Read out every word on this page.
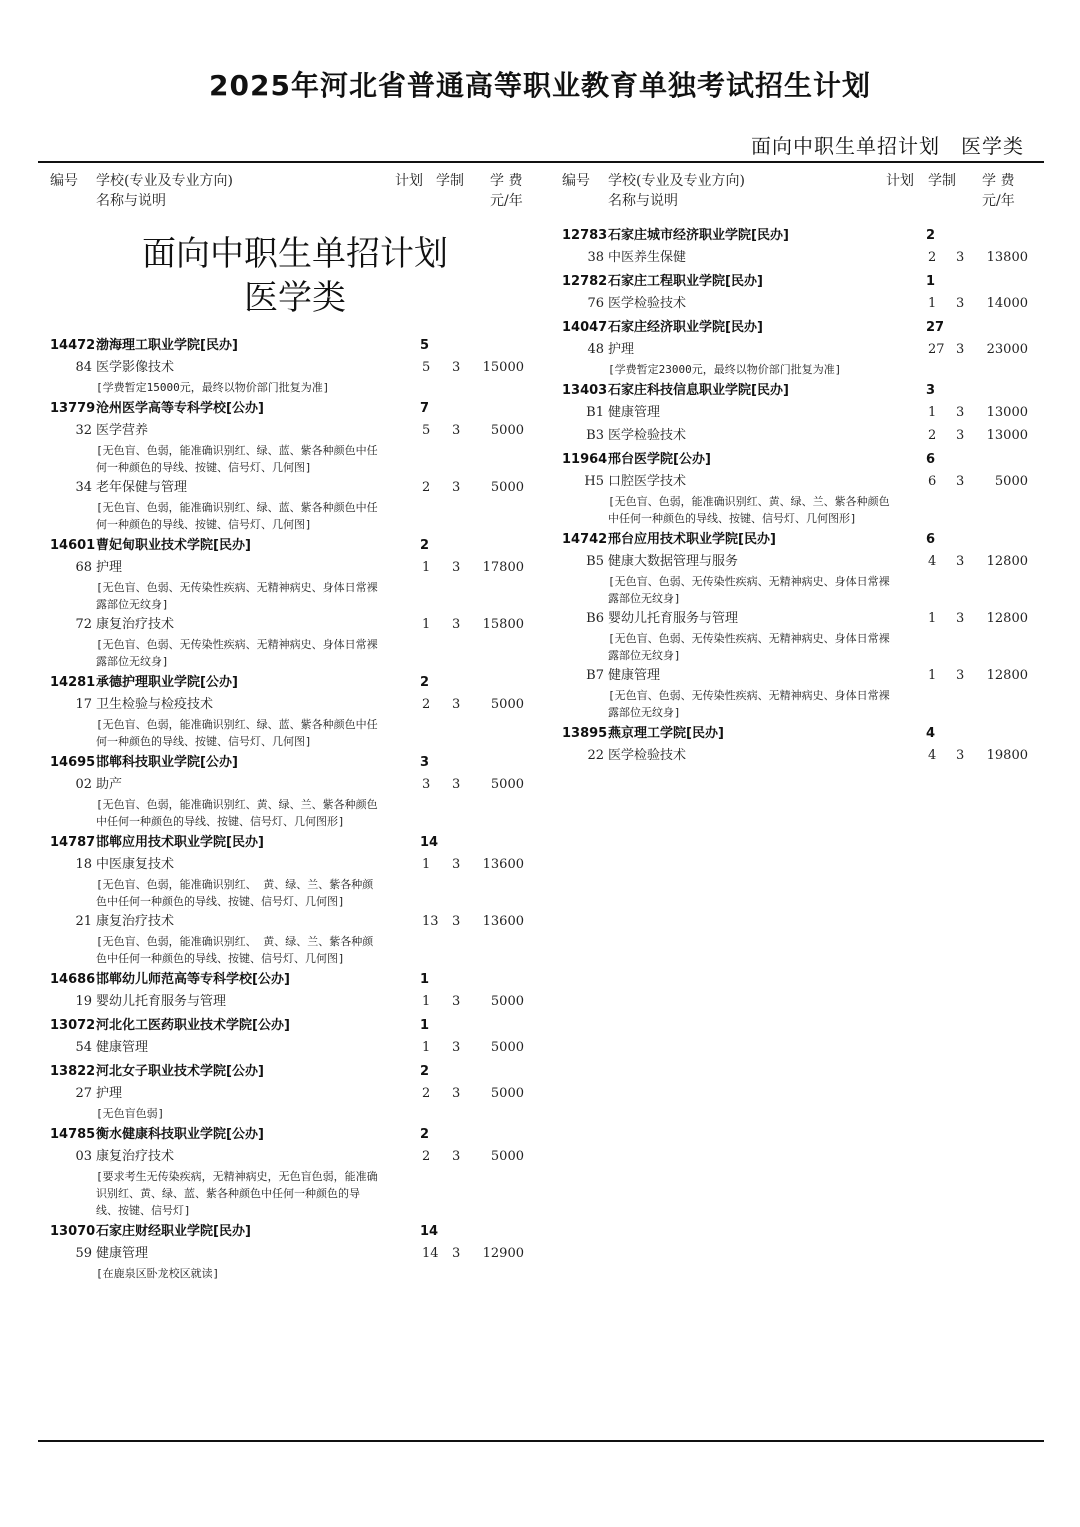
2025年河北省普通高等职业教育单独考试招生计划
面向中职生单招计划　医学类
编号 学校(专业及专业方向)
名称与说明
计划 学制 学 费
元/年
面向中职生单招计划
医学类
14472 渤海理工职业学院[民办]	5
84 医学影像技术	5 3 15000
[学费暂定15000元，最终以物价部门批复为准]
13779 沧州医学高等专科学校[公办]	7
32 医学营养	5 3	5000
[无色盲、色弱，能准确识别红、绿、蓝、紫各种颜色中任何一种颜色的导线、按键、信号灯、几何图]
34 老年保健与管理	2 3	5000
[无色盲、色弱，能准确识别红、绿、蓝、紫各种颜色中任何一种颜色的导线、按键、信号灯、几何图]
14601 曹妃甸职业技术学院[民办]	2
68 护理	1 3 17800
[无色盲、色弱、无传染性疾病、无精神病史、身体日常裸露部位无纹身]
72 康复治疗技术	1 3 15800
[无色盲、色弱、无传染性疾病、无精神病史、身体日常裸露部位无纹身]
14281 承德护理职业学院[公办]	2
17 卫生检验与检疫技术	2 3	5000
[无色盲、色弱，能准确识别红、绿、蓝、紫各种颜色中任何一种颜色的导线、按键、信号灯、几何图]
14695 邯郸科技职业学院[公办]	3
02 助产	3 3	5000
[无色盲、色弱，能准确识别红、黄、绿、兰、紫各种颜色中任何一种颜色的导线、按键、信号灯、几何图形]
14787 邯郸应用技术职业学院[民办]	14
18 中医康复技术	1 3 13600
[无色盲、色弱，能准确识别红、 黄、绿、兰、紫各种颜色中任何一种颜色的导线、按键、信号灯、几何图]
21 康复治疗技术	13 3 13600
[无色盲、色弱，能准确识别红、 黄、绿、兰、紫各种颜色中任何一种颜色的导线、按键、信号灯、几何图]
14686 邯郸幼儿师范高等专科学校[公办]	1
19 婴幼儿托育服务与管理	1 3	5000
13072 河北化工医药职业技术学院[公办]	1
54 健康管理	1 3	5000
13822 河北女子职业技术学院[公办]	2
27 护理	2 3	5000
[无色盲色弱]
14785 衡水健康科技职业学院[公办]	2
03 康复治疗技术	2 3	5000
[要求考生无传染疾病，无精神病史，无色盲色弱，能准确识别红、黄、绿、蓝、紫各种颜色中任何一种颜色的导线、按键、信号灯]
13070 石家庄财经职业学院[民办]	14
59 健康管理	14 3 12900
[在鹿泉区卧龙校区就读]
编号 学校(专业及专业方向)
名称与说明
计划 学制 学 费
元/年
12783 石家庄城市经济职业学院[民办]	2
38 中医养生保健	2 3	13800
12782 石家庄工程职业学院[民办]	1
76 医学检验技术	1 3	14000
14047 石家庄经济职业学院[民办]	27
48 护理	27 3	23000
[学费暂定23000元，最终以物价部门批复为准]
13403 石家庄科技信息职业学院[民办]	3
B1 健康管理	1 3	13000
B3 医学检验技术	2 3	13000
11964 邢台医学院[公办]	6
H5 口腔医学技术	6 3	5000
[无色盲、色弱，能准确识别红、黄、绿、兰、紫各种颜色中任何一种颜色的导线、按键、信号灯、几何图形]
14742 邢台应用技术职业学院[民办]	6
B5 健康大数据管理与服务	4 3	12800
[无色盲、色弱、无传染性疾病、无精神病史、身体日常裸露部位无纹身]
B6 婴幼儿托育服务与管理	1 3	12800
[无色盲、色弱、无传染性疾病、无精神病史、身体日常裸露部位无纹身]
B7 健康管理	1 3	12800
[无色盲、色弱、无传染性疾病、无精神病史、身体日常裸露部位无纹身]
13895 燕京理工学院[民办]	4
22 医学检验技术	4 3	19800
